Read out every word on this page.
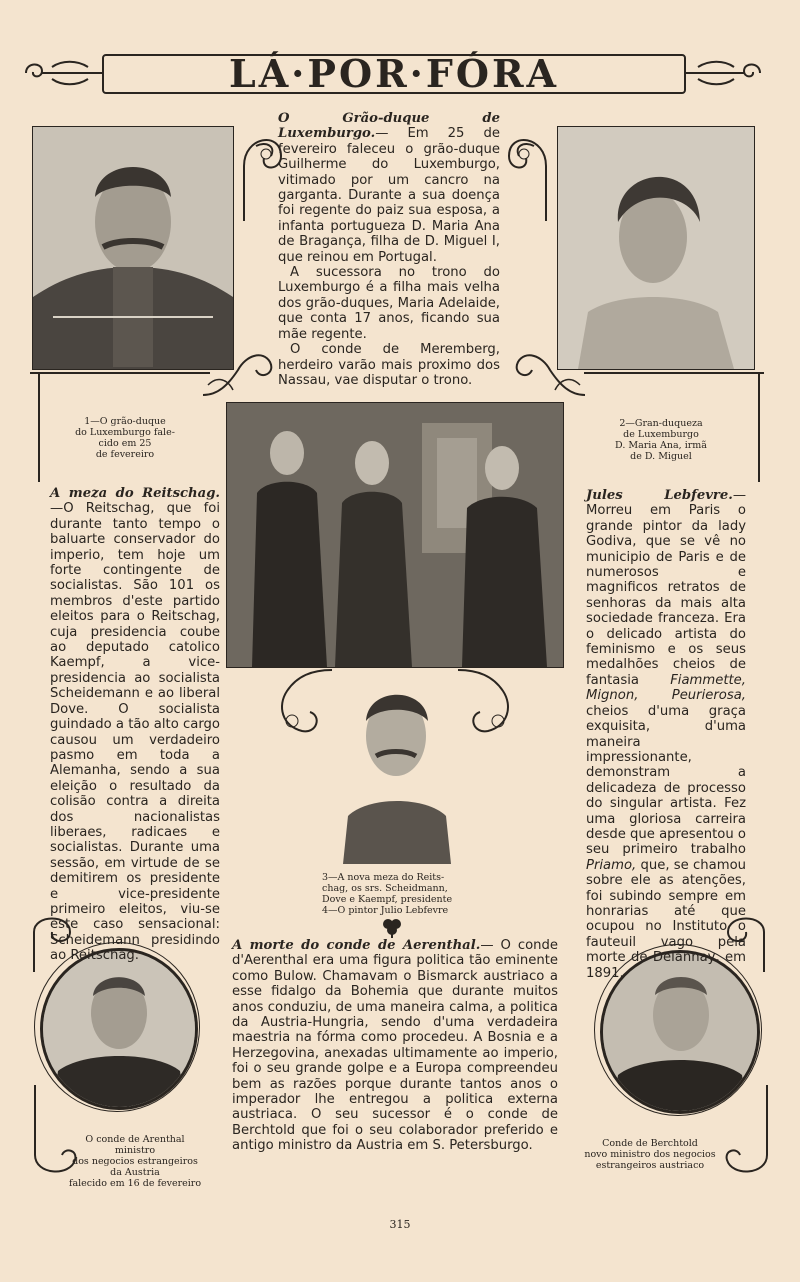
LÁ·POR·FÓRA

O Grão-duque de Luxemburgo.— Em 25 de fevereiro faleceu o grão-duque Guilherme do Luxemburgo, vitimado por um cancro na garganta. Durante a sua doença foi regente do paiz sua esposa, a infanta portugueza D. Maria Ana de Bragança, filha de D. Miguel I, que reinou em Portugal.

A sucessora no trono do Luxemburgo é a filha mais velha dos grão-duques, Maria Adelaide, que conta 17 anos, ficando sua mãe regente.

O conde de Meremberg, herdeiro varão mais proximo dos Nassau, vae disputar o trono.

1—O grão-duque

do Luxemburgo fale-

cido em 25

de fevereiro

2—Gran-duqueza

de Luxemburgo

D. Maria Ana, irmã

de D. Miguel

3—A nova meza do Reits-

chag, os srs. Scheidmann,

Dove e Kaempf, presidente

4—O pintor Julio Lebfevre

O conde de Arenthal

ministro

dos negocios estrangeiros

da Austria

falecido em 16 de fevereiro

Conde de Berchtold

novo ministro dos negocios

estrangeiros austriaco

A meza do Reitschag.—O Reitschag, que foi durante tanto tempo o baluarte conservador do imperio, tem hoje um forte contingente de socialistas. São 101 os membros d'este partido eleitos para o Reitschag, cuja presidencia coube ao deputado catolico Kaempf, a vice-presidencia ao socialista Scheidemann e ao liberal Dove. O socialista guindado a tão alto cargo causou um verdadeiro pasmo em toda a Alemanha, sendo a sua eleição o resultado da colisão contra a direita dos nacionalistas liberaes, radicaes e socialistas. Durante uma sessão, em virtude de se demitirem os presidente e vice-presidente primeiro eleitos, viu-se este caso sensacional: Scheidemann presidindo ao Reitschag.

Jules Lebfevre.— Morreu em Paris o grande pintor da lady Godiva, que se vê no municipio de Paris e de numerosos e magnificos retratos de senhoras da mais alta sociedade franceza. Era o delicado artista do feminismo e os seus medalhões cheios de fantasia Fiammette, Mignon, Peurierosa, cheios d'uma graça exquisita, d'uma maneira impressionante, demonstram a delicadeza de processo do singular artista. Fez uma gloriosa carreira desde que apresentou o seu primeiro trabalho Priamo, que, se chamou sobre ele as atenções, foi subindo sempre em honrarias até que ocupou no Instituto o fauteuil vago pela morte de Delannay, em 1891.

A morte do conde de Aerenthal.— O conde d'Aerenthal era uma figura politica tão eminente como Bulow. Chamavam o Bismarck austriaco a esse fidalgo da Bohemia que durante muitos anos conduziu, de uma maneira calma, a politica da Austria-Hungria, sendo d'uma verdadeira maestria na fórma como procedeu. A Bosnia e a Herzegovina, anexadas ultimamente ao imperio, foi o seu grande golpe e a Europa compreendeu bem as razões porque durante tantos anos o imperador lhe entregou a politica externa austriaca. O seu sucessor é o conde de Berchtold que foi o seu colaborador preferido e antigo ministro da Austria em S. Petersburgo.

315
